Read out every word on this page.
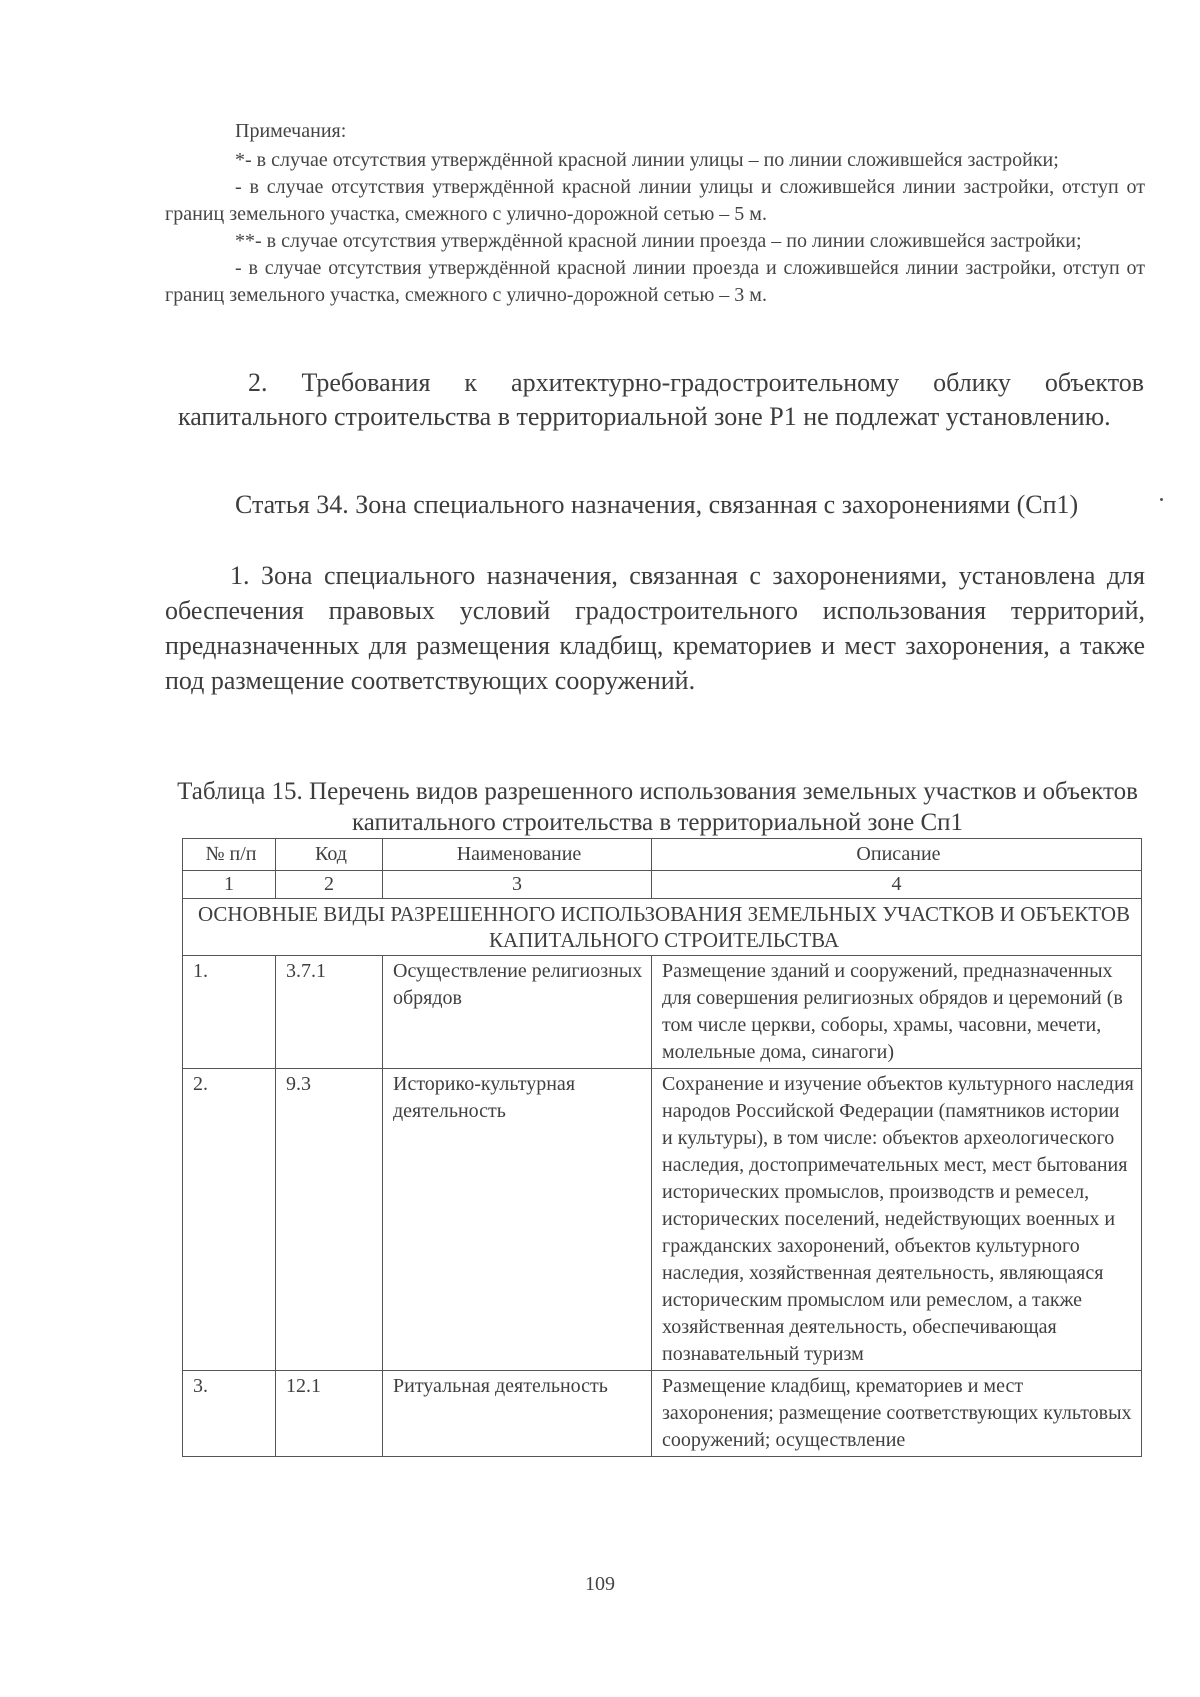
Примечания:

*- в случае отсутствия утверждённой красной линии улицы – по линии сложившейся застройки;

- в случае отсутствия утверждённой красной линии улицы и сложившейся линии застройки, отступ от границ земельного участка, смежного с улично-дорожной сетью – 5 м.

**- в случае отсутствия утверждённой красной линии проезда – по линии сложившейся застройки;

- в случае отсутствия утверждённой красной линии проезда и сложившейся линии застройки, отступ от границ земельного участка, смежного с улично-дорожной сетью – 3 м.

2. Требования к архитектурно-градостроительному облику объектов капитального строительства в территориальной зоне Р1 не подлежат установлению.

Статья 34. Зона специального назначения, связанная с захоронениями (Сп1)

1. Зона специального назначения, связанная с захоронениями, установлена для обеспечения правовых условий градостроительного использования территорий, предназначенных для размещения кладбищ, крематориев и мест захоронения, а также под размещение соответствующих сооружений.

Таблица 15. Перечень видов разрешенного использования земельных участков и объектов капитального строительства в территориальной зоне Сп1

№ п/п	Код	Наименование	Описание
1	2	3	4
ОСНОВНЫЕ ВИДЫ РАЗРЕШЕННОГО ИСПОЛЬЗОВАНИЯ ЗЕМЕЛЬНЫХ УЧАСТКОВ И ОБЪЕКТОВ КАПИТАЛЬНОГО СТРОИТЕЛЬСТВА			
1.	3.7.1	Осуществление религиозных обрядов	Размещение зданий и сооружений, предназначенных для совершения религиозных обрядов и церемоний (в том числе церкви, соборы, храмы, часовни, мечети, молельные дома, синагоги)
2.	9.3	Историко-культурная деятельность	Сохранение и изучение объектов культурного наследия народов Российской Федерации (памятников истории и культуры), в том числе: объектов археологического наследия, достопримечательных мест, мест бытования исторических промыслов, производств и ремесел, исторических поселений, недействующих военных и гражданских захоронений, объектов культурного наследия, хозяйственная деятельность, являющаяся историческим промыслом или ремеслом, а также хозяйственная деятельность, обеспечивающая познавательный туризм
3.	12.1	Ритуальная деятельность	Размещение кладбищ, крематориев и мест захоронения; размещение соответствующих культовых сооружений; осуществление
109
